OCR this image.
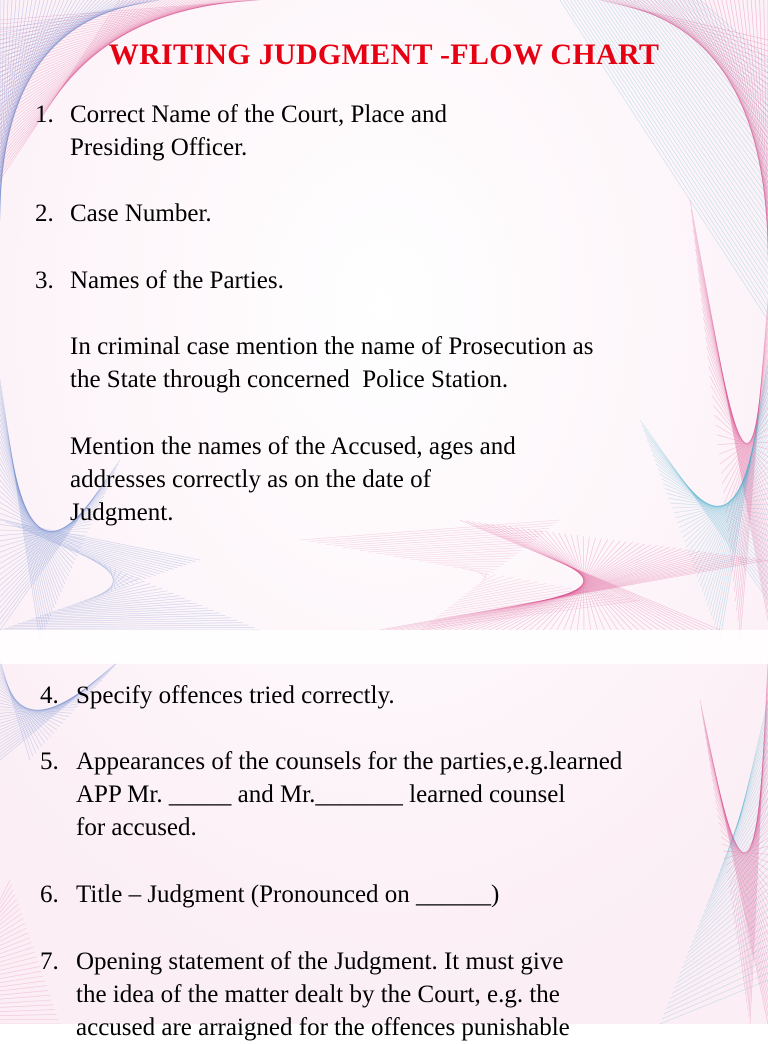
WRITING JUDGMENT -FLOW CHART
1. Correct Name of the Court, Place and
Presiding Officer.
2. Case Number.
3. Names of the Parties.
In criminal case mention the name of Prosecution as
the State through concerned  Police Station.
Mention the names of the Accused, ages and
addresses correctly as on the date of
Judgment.
4. Specify offences tried correctly.
5. Appearances of the counsels for the parties,e.g.learned
APP Mr. _____ and Mr._______ learned counsel
for accused.
6. Title – Judgment (Pronounced on ______)
7. Opening statement of the Judgment. It must give
the idea of the matter dealt by the Court, e.g. the
accused are arraigned for the offences punishable
